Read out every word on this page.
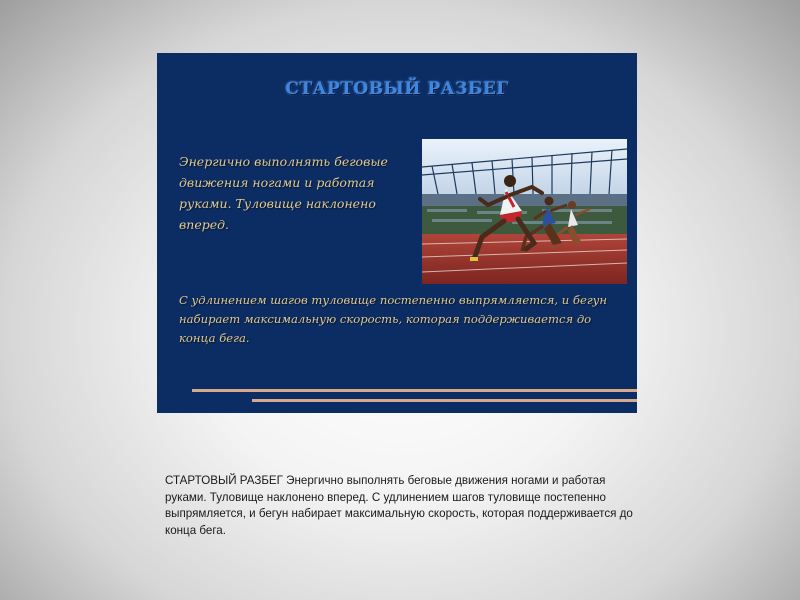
СТАРТОВЫЙ РАЗБЕГ
Энергично выполнять беговые движения ногами и работая руками. Туловище наклонено вперед.
С удлинением шагов туловище постепенно выпрямляется, и бегун набирает максимальную скорость, которая поддерживается до конца бега.
СТАРТОВЫЙ РАЗБЕГ Энергично выполнять беговые движения ногами и работая руками. Туловище наклонено вперед. С удлинением шагов туловище постепенно выпрямляется, и бегун набирает максимальную скорость, которая поддерживается до конца бега.
